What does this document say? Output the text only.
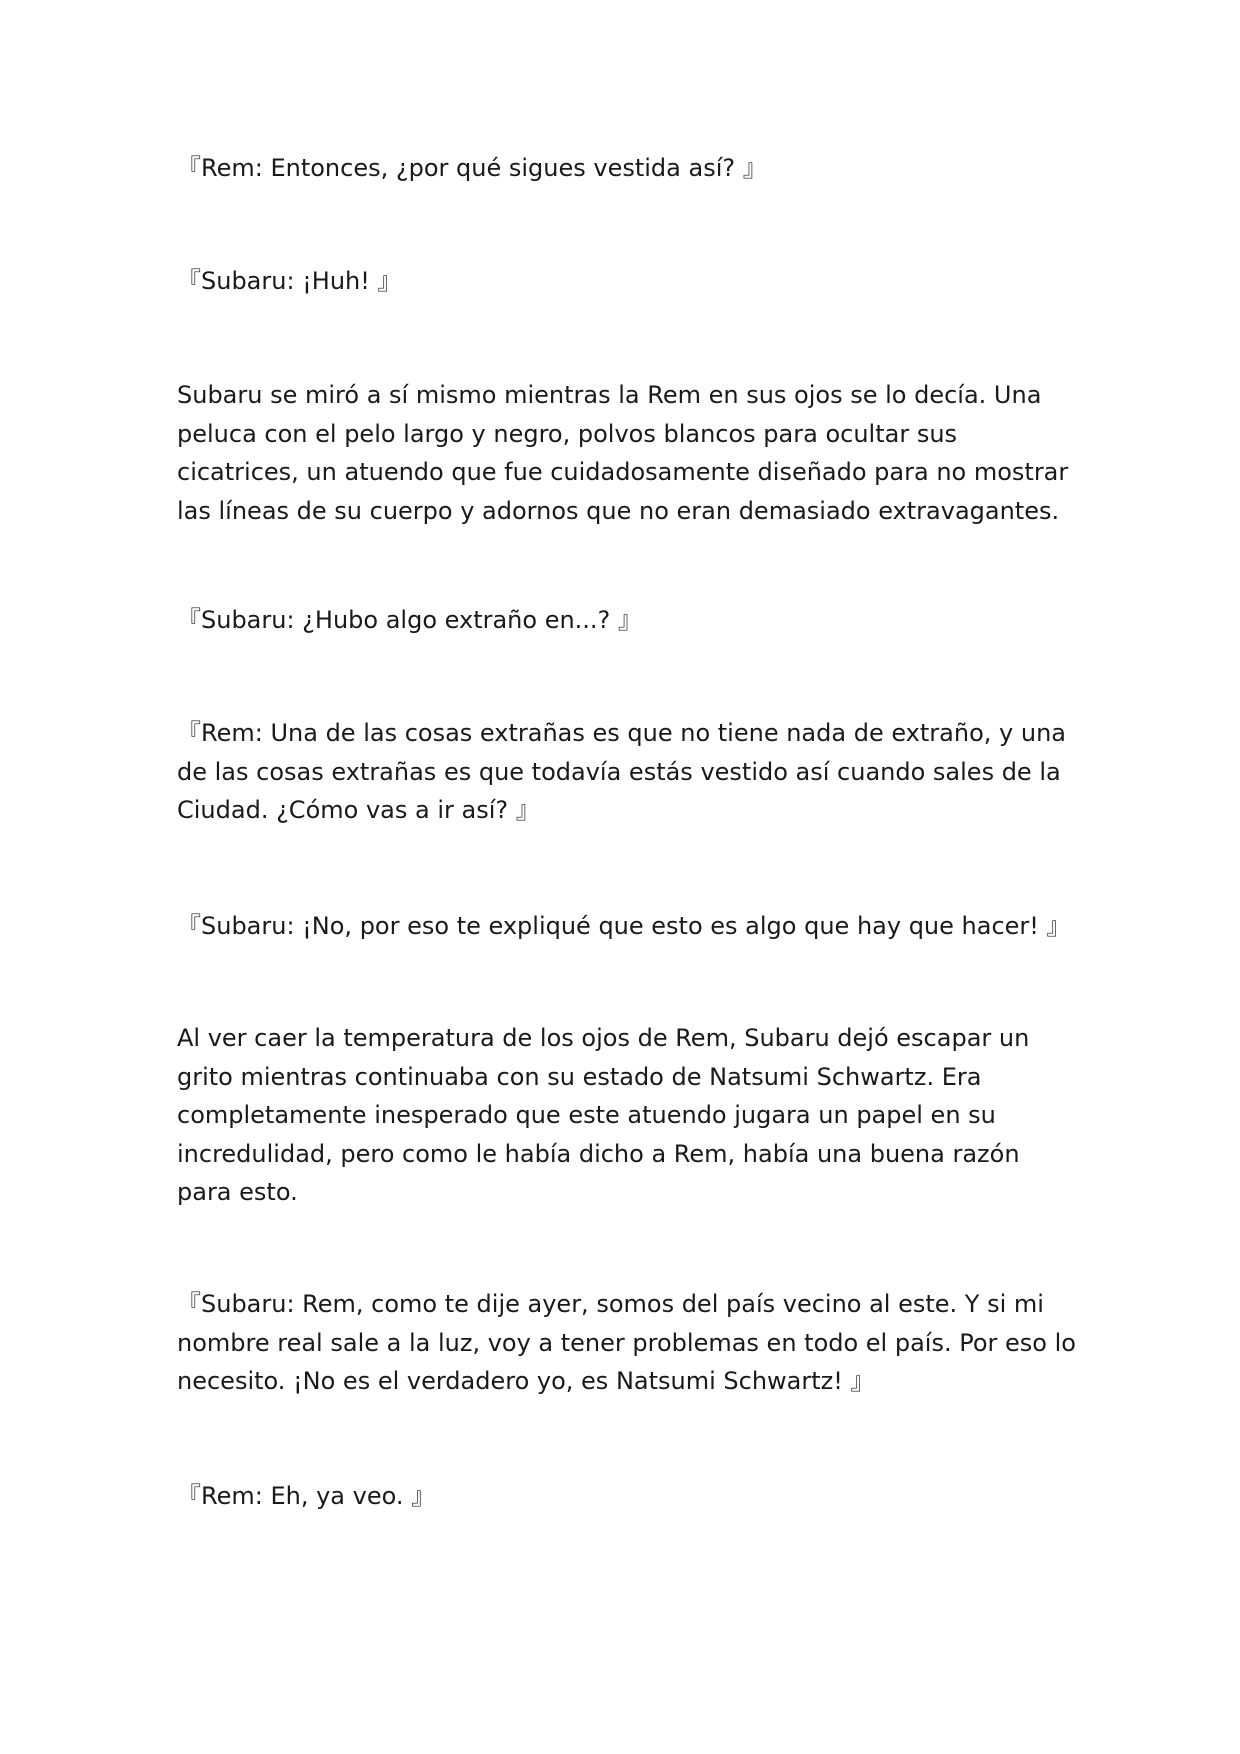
『Rem: Entonces, ¿por qué sigues vestida así? 』

『Subaru: ¡Huh! 』

Subaru se miró a sí mismo mientras la Rem en sus ojos se lo decía. Una peluca con el pelo largo y negro, polvos blancos para ocultar sus cicatrices, un atuendo que fue cuidadosamente diseñado para no mostrar las líneas de su cuerpo y adornos que no eran demasiado extravagantes.

『Subaru: ¿Hubo algo extraño en...? 』

『Rem: Una de las cosas extrañas es que no tiene nada de extraño, y una de las cosas extrañas es que todavía estás vestido así cuando sales de la Ciudad. ¿Cómo vas a ir así? 』

『Subaru: ¡No, por eso te expliqué que esto es algo que hay que hacer! 』

Al ver caer la temperatura de los ojos de Rem, Subaru dejó escapar un grito mientras continuaba con su estado de Natsumi Schwartz. Era completamente inesperado que este atuendo jugara un papel en su incredulidad, pero como le había dicho a Rem, había una buena razón para esto.

『Subaru: Rem, como te dije ayer, somos del país vecino al este. Y si mi nombre real sale a la luz, voy a tener problemas en todo el país. Por eso lo necesito. ¡No es el verdadero yo, es Natsumi Schwartz! 』

『Rem: Eh, ya veo. 』
